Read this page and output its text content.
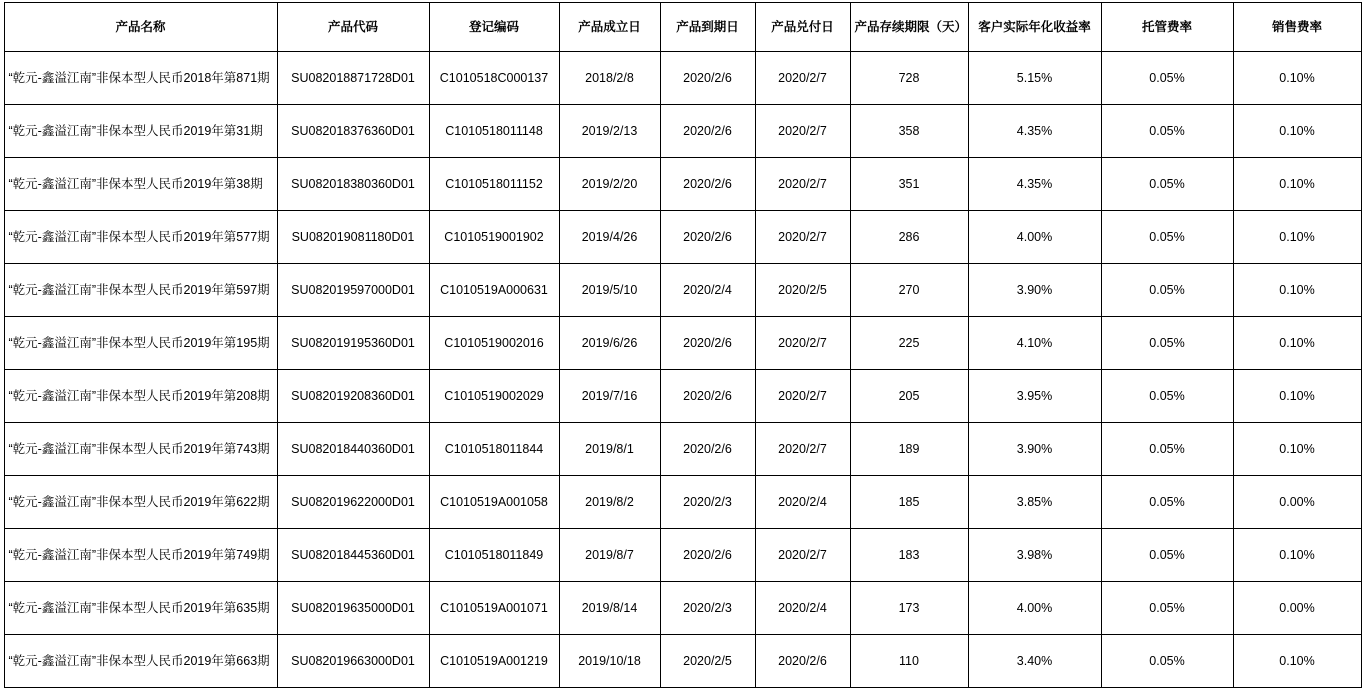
产品名称	产品代码	登记编码	产品成立日	产品到期日	产品兑付日	产品存续期限（天）	客户实际年化收益率	托管费率	销售费率
“乾元-鑫溢江南”非保本型人民币2018年第871期	SU082018871728D01	C1010518C000137	2018/2/8	2020/2/6	2020/2/7	728	5.15%	0.05%	0.10%
“乾元-鑫溢江南”非保本型人民币2019年第31期	SU082018376360D01	C1010518011148	2019/2/13	2020/2/6	2020/2/7	358	4.35%	0.05%	0.10%
“乾元-鑫溢江南”非保本型人民币2019年第38期	SU082018380360D01	C1010518011152	2019/2/20	2020/2/6	2020/2/7	351	4.35%	0.05%	0.10%
“乾元-鑫溢江南”非保本型人民币2019年第577期	SU082019081180D01	C1010519001902	2019/4/26	2020/2/6	2020/2/7	286	4.00%	0.05%	0.10%
“乾元-鑫溢江南”非保本型人民币2019年第597期	SU082019597000D01	C1010519A000631	2019/5/10	2020/2/4	2020/2/5	270	3.90%	0.05%	0.10%
“乾元-鑫溢江南”非保本型人民币2019年第195期	SU082019195360D01	C1010519002016	2019/6/26	2020/2/6	2020/2/7	225	4.10%	0.05%	0.10%
“乾元-鑫溢江南”非保本型人民币2019年第208期	SU082019208360D01	C1010519002029	2019/7/16	2020/2/6	2020/2/7	205	3.95%	0.05%	0.10%
“乾元-鑫溢江南”非保本型人民币2019年第743期	SU082018440360D01	C1010518011844	2019/8/1	2020/2/6	2020/2/7	189	3.90%	0.05%	0.10%
“乾元-鑫溢江南”非保本型人民币2019年第622期	SU082019622000D01	C1010519A001058	2019/8/2	2020/2/3	2020/2/4	185	3.85%	0.05%	0.00%
“乾元-鑫溢江南”非保本型人民币2019年第749期	SU082018445360D01	C1010518011849	2019/8/7	2020/2/6	2020/2/7	183	3.98%	0.05%	0.10%
“乾元-鑫溢江南”非保本型人民币2019年第635期	SU082019635000D01	C1010519A001071	2019/8/14	2020/2/3	2020/2/4	173	4.00%	0.05%	0.00%
“乾元-鑫溢江南”非保本型人民币2019年第663期	SU082019663000D01	C1010519A001219	2019/10/18	2020/2/5	2020/2/6	110	3.40%	0.05%	0.10%
